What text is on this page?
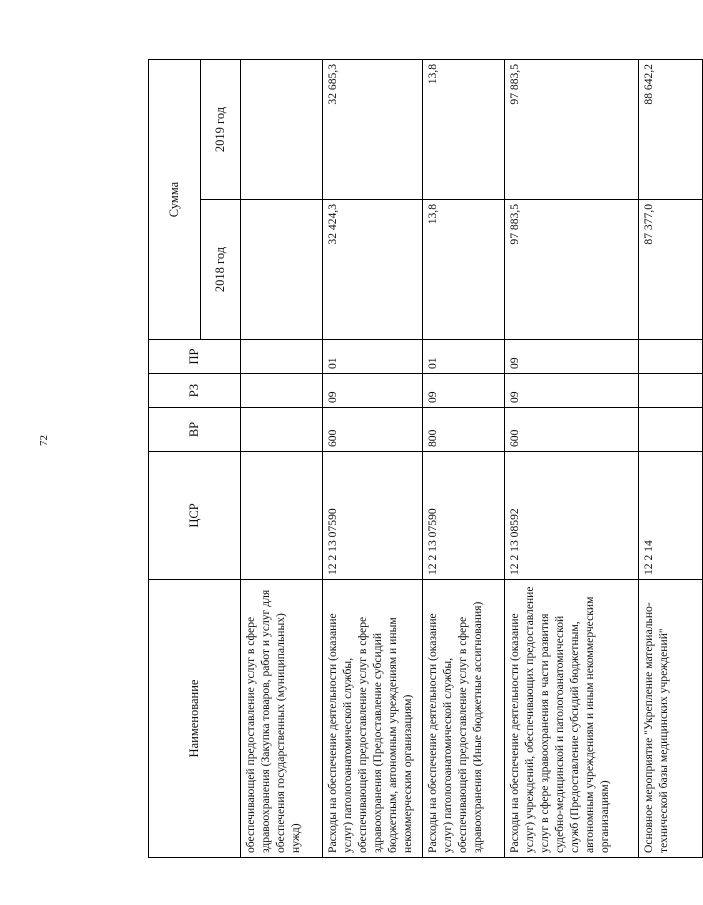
72
Наименование	ЦСР	ВР	РЗ	ПР	Сумма	
					2018 год	2019 год
обеспечивающей предоставление услуг в сфере здравоохранения (Закупка товаров, работ и услуг для обеспечения государственных (муниципальных) нужд)						
Расходы на обеспечение деятельности (оказание услуг) патологоанатомической службы, обеспечивающей предоставление услуг в сфере здравоохранения (Предоставление субсидий бюджетным, автономным учреждениям и иным некоммерческим организациям)	12 2 13 07590	600	09	01	32 424,3	32 685,3
Расходы на обеспечение деятельности (оказание услуг) патологоанатомической службы, обеспечивающей предоставление услуг в сфере здравоохранения (Иные бюджетные ассигнования)	12 2 13 07590	800	09	01	13,8	13,8
Расходы на обеспечение деятельности (оказание услуг) учреждений, обеспечивающих предоставление услуг в сфере здравоохранения в части развития судебно-медицинской и патологоанатомической служб (Предоставление субсидий бюджетным, автономным учреждениям и иным некоммерческим организациям)	12 2 13 08592	600	09	09	97 883,5	97 883,5
Основное мероприятие "Укрепление материально-технической базы медицинских учреждений"	12 2 14				87 377,0	88 642,2
